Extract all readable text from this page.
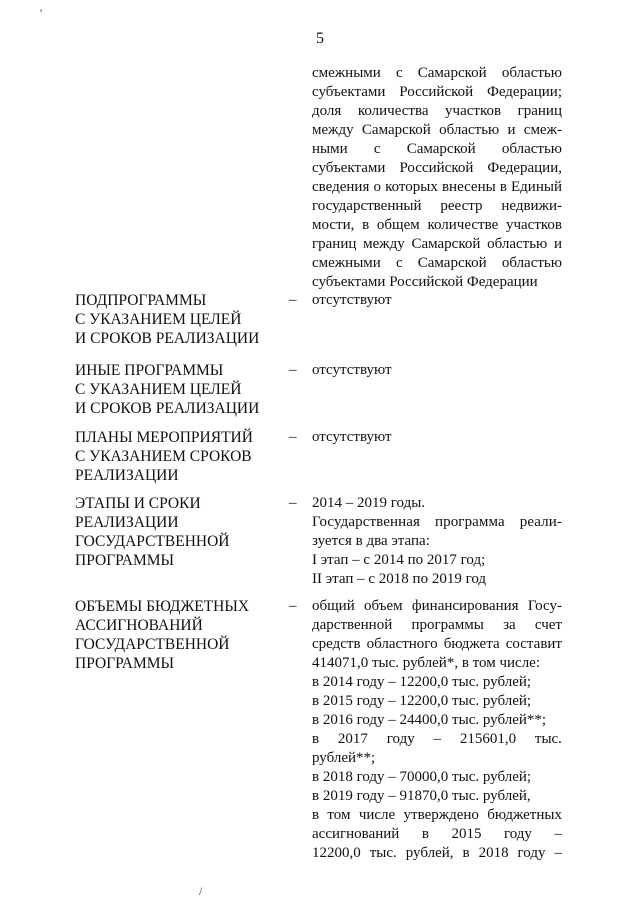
'
/
5
смежными с Самарской областью
субъектами Российской Федерации;
доля количества участков границ
между Самарской областью и смеж-
ными с Самарской областью
субъектами Российской Федерации,
сведения о которых внесены в Единый
государственный реестр недвижи-
мости, в общем количестве участков
границ между Самарской областью и
смежными с Самарской областью
субъектами Российской Федерации
ПОДПРОГРАММЫ
С УКАЗАНИЕМ ЦЕЛЕЙ
И СРОКОВ РЕАЛИЗАЦИИ
– отсутствуют
ИНЫЕ ПРОГРАММЫ
С УКАЗАНИЕМ ЦЕЛЕЙ
И СРОКОВ РЕАЛИЗАЦИИ
– отсутствуют
ПЛАНЫ МЕРОПРИЯТИЙ
С УКАЗАНИЕМ СРОКОВ
РЕАЛИЗАЦИИ
– отсутствуют
ЭТАПЫ И СРОКИ
РЕАЛИЗАЦИИ
ГОСУДАРСТВЕННОЙ
ПРОГРАММЫ
– 2014 – 2019 годы.
Государственная программа реали-
зуется в два этапа:
I этап – с 2014 по 2017 год;
II этап – с 2018 по 2019 год
ОБЪЕМЫ БЮДЖЕТНЫХ
АССИГНОВАНИЙ
ГОСУДАРСТВЕННОЙ
ПРОГРАММЫ
– общий объем финансирования Госу-
дарственной программы за счет
средств областного бюджета составит
414071,0 тыс. рублей*, в том числе:
в 2014 году – 12200,0 тыс. рублей;
в 2015 году – 12200,0 тыс. рублей;
в 2016 году – 24400,0 тыс. рублей**;
в 2017 году – 215601,0 тыс.
рублей**;
в 2018 году – 70000,0 тыс. рублей;
в 2019 году – 91870,0 тыс. рублей,
в том числе утверждено бюджетных
ассигнований в 2015 году –
12200,0 тыс. рублей, в 2018 году –
